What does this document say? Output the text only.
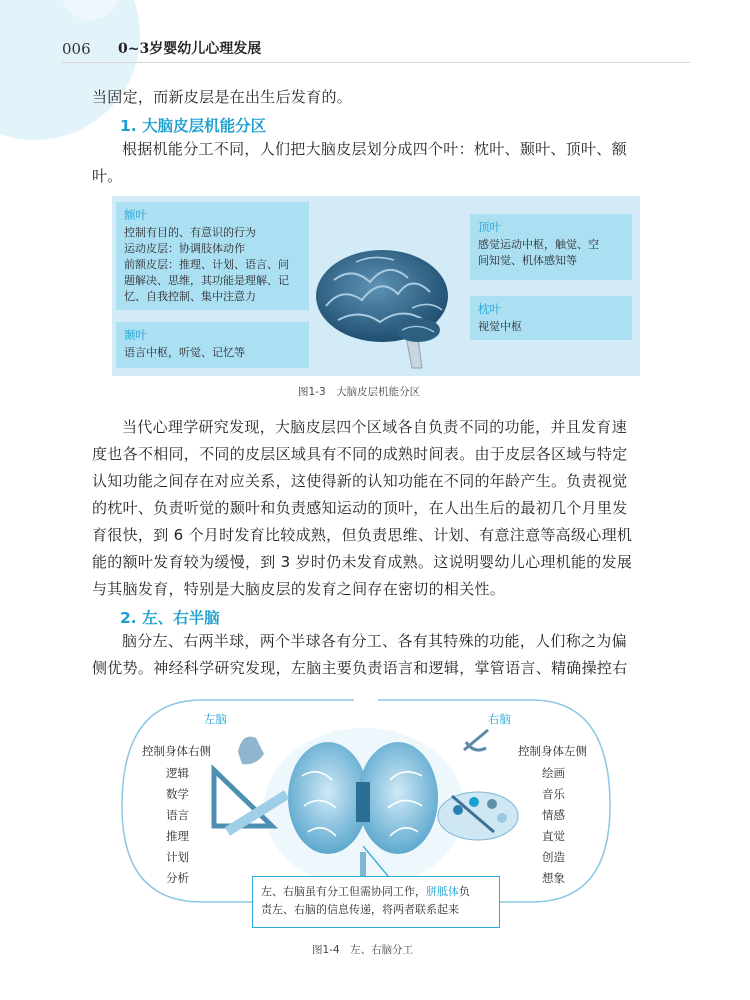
006 0~3岁婴幼儿心理发展

当固定，而新皮层是在出生后发育的。

1. 大脑皮层机能分区

根据机能分工不同，人们把大脑皮层划分成四个叶：枕叶、颞叶、顶叶、额叶。

额叶
控制有目的、有意识的行为
运动皮层：协调肢体动作
前额皮层：推理、计划、语言、问
题解决、思维，其功能是理解、记
忆、自我控制、集中注意力
颞叶
语言中枢，听觉、记忆等
顶叶
感觉运动中枢，触觉、空
间知觉、机体感知等
枕叶
视觉中枢
图1-3　大脑皮层机能分区

当代心理学研究发现，大脑皮层四个区域各自负责不同的功能，并且发育速度也各不相同，不同的皮层区域具有不同的成熟时间表。由于皮层各区域与特定认知功能之间存在对应关系，这使得新的认知功能在不同的年龄产生。负责视觉的枕叶、负责听觉的颞叶和负责感知运动的顶叶，在人出生后的最初几个月里发育很快，到 6 个月时发育比较成熟，但负责思维、计划、有意注意等高级心理机能的额叶发育较为缓慢，到 3 岁时仍未发育成熟。这说明婴幼儿心理机能的发展与其脑发育，特别是大脑皮层的发育之间存在密切的相关性。

2. 左、右半脑

脑分左、右两半球，两个半球各有分工、各有其特殊的功能，人们称之为偏侧优势。神经科学研究发现，左脑主要负责语言和逻辑，掌管语言、精确操控右

左脑	右脑
控制身体右侧
逻辑
数学
语言
推理
计划
分析
控制身体左侧
绘画
音乐
情感
直觉
创造
想象
左、右脑虽有分工但需协同工作，胼胝体负
责左、右脑的信息传递，将两者联系起来
图1-4　左、右脑分工
